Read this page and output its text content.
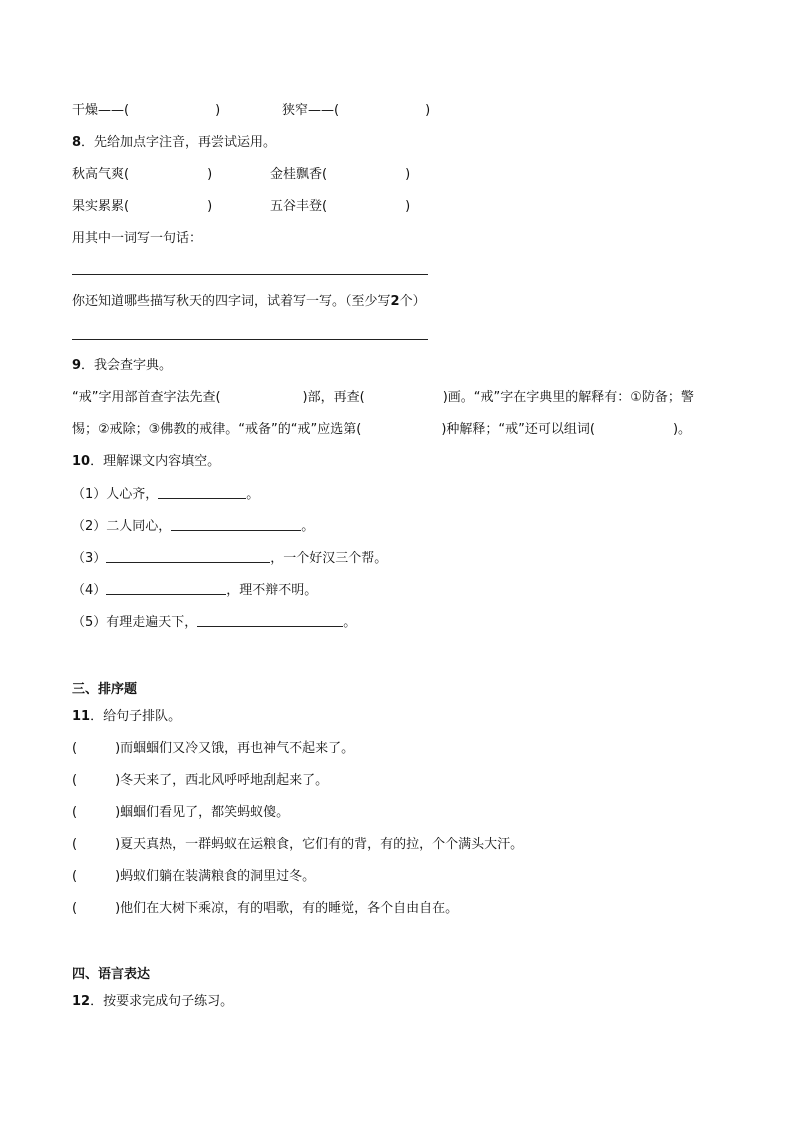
干燥——(	)	狭窄——(	)
8．先给加点字注音，再尝试运用。
秋高气爽(	)	金桂飘香(	)
果实累累(	)	五谷丰登(	)
用其中一词写一句话：
你还知道哪些描写秋天的四字词，试着写一写。（至少写2个）
9．我会查字典。
“戒”字用部首查字法先查(	)部，再查(	)画。“戒”字在字典里的解释有：①防备；警
惕；②戒除；③佛教的戒律。“戒备”的“戒”应选第(	)种解释；“戒”还可以组词(	)。
10．理解课文内容填空。
（1）人心齐，	。
（2）二人同心，	。
（3）	，一个好汉三个帮。
（4）	，理不辩不明。
（5）有理走遍天下，	。
三、排序题
11．给句子排队。
(	)而蝈蝈们又冷又饿，再也神气不起来了。
(	)冬天来了，西北风呼呼地刮起来了。
(	)蝈蝈们看见了，都笑蚂蚁傻。
(	)夏天真热，一群蚂蚁在运粮食，它们有的背，有的拉，个个满头大汗。
(	)蚂蚁们躺在装满粮食的洞里过冬。
(	)他们在大树下乘凉，有的唱歌，有的睡觉，各个自由自在。
四、语言表达
12．按要求完成句子练习。
